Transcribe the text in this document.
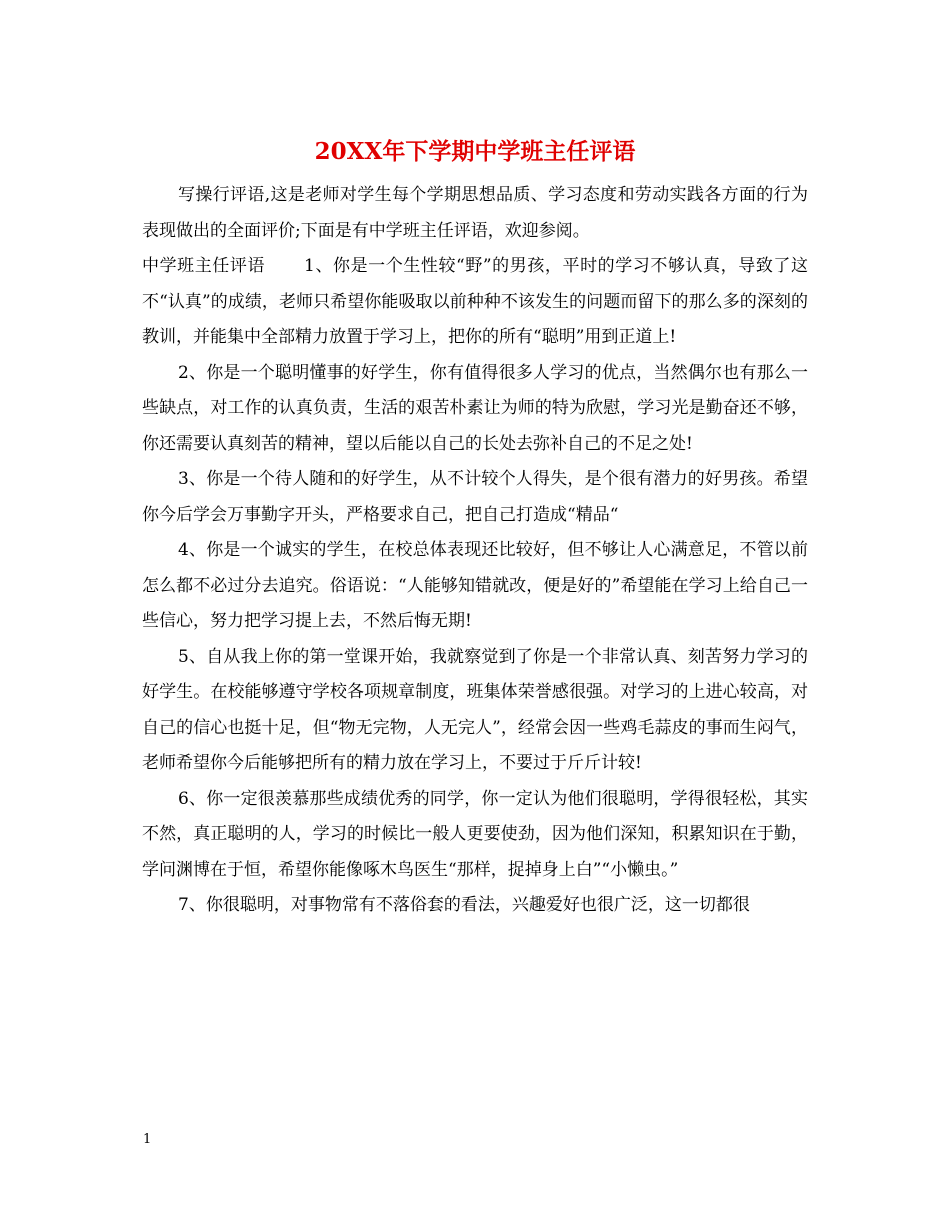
20XX年下学期中学班主任评语

写操行评语,这是老师对学生每个学期思想品质、学习态度和劳动实践各方面的行为表现做出的全面评价;下面是有中学班主任评语，欢迎参阅。

中学班主任评语 1、你是一个生性较“野”的男孩，平时的学习不够认真，导致了这不“认真”的成绩，老师只希望你能吸取以前种种不该发生的问题而留下的那么多的深刻的教训，并能集中全部精力放置于学习上，把你的所有“聪明”用到正道上!

2、你是一个聪明懂事的好学生，你有值得很多人学习的优点，当然偶尔也有那么一些缺点，对工作的认真负责，生活的艰苦朴素让为师的特为欣慰，学习光是勤奋还不够，你还需要认真刻苦的精神，望以后能以自己的长处去弥补自己的不足之处!

3、你是一个待人随和的好学生，从不计较个人得失，是个很有潜力的好男孩。希望你今后学会万事勤字开头，严格要求自己，把自己打造成“精品“

4、你是一个诚实的学生，在校总体表现还比较好，但不够让人心满意足，不管以前怎么都不必过分去追究。俗语说：“人能够知错就改，便是好的”希望能在学习上给自己一些信心，努力把学习提上去，不然后悔无期!

5、自从我上你的第一堂课开始，我就察觉到了你是一个非常认真、刻苦努力学习的好学生。在校能够遵守学校各项规章制度，班集体荣誉感很强。对学习的上进心较高，对自己的信心也挺十足，但“物无完物，人无完人”，经常会因一些鸡毛蒜皮的事而生闷气，老师希望你今后能够把所有的精力放在学习上，不要过于斤斤计较!

6、你一定很羡慕那些成绩优秀的同学，你一定认为他们很聪明，学得很轻松，其实不然，真正聪明的人，学习的时候比一般人更要使劲，因为他们深知，积累知识在于勤，学问渊博在于恒，希望你能像啄木鸟医生“那样，捉掉身上白”“小懒虫。”

7、你很聪明，对事物常有不落俗套的看法，兴趣爱好也很广泛，这一切都很

1
